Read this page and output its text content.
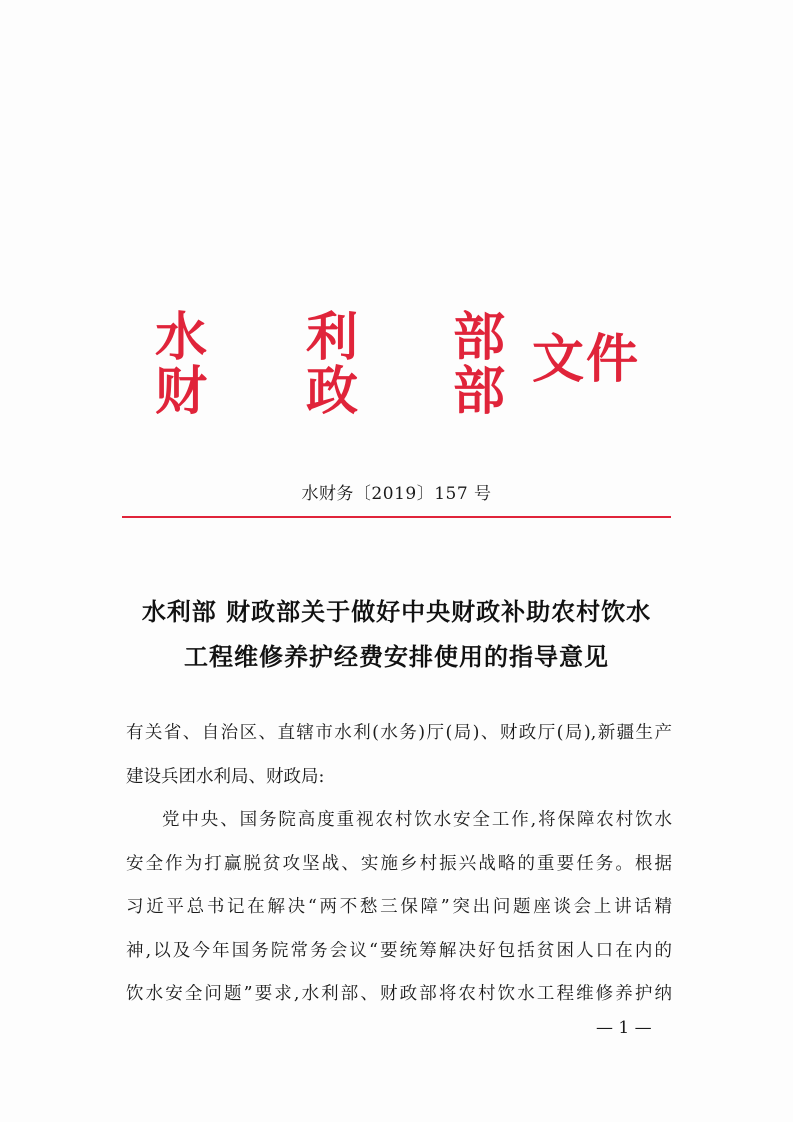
水 利 部
财 政 部
文件
水财务〔2019〕157 号
水利部 财政部关于做好中央财政补助农村饮水
工程维修养护经费安排使用的指导意见
有关省、自治区、直辖市水利(水务)厅(局)、财政厅(局),新疆生产
建设兵团水利局、财政局:
党中央、国务院高度重视农村饮水安全工作,将保障农村饮水
安全作为打赢脱贫攻坚战、实施乡村振兴战略的重要任务。根据
习近平总书记在解决“两不愁三保障”突出问题座谈会上讲话精
神,以及今年国务院常务会议“要统筹解决好包括贫困人口在内的
饮水安全问题”要求,水利部、财政部将农村饮水工程维修养护纳
— 1 —
